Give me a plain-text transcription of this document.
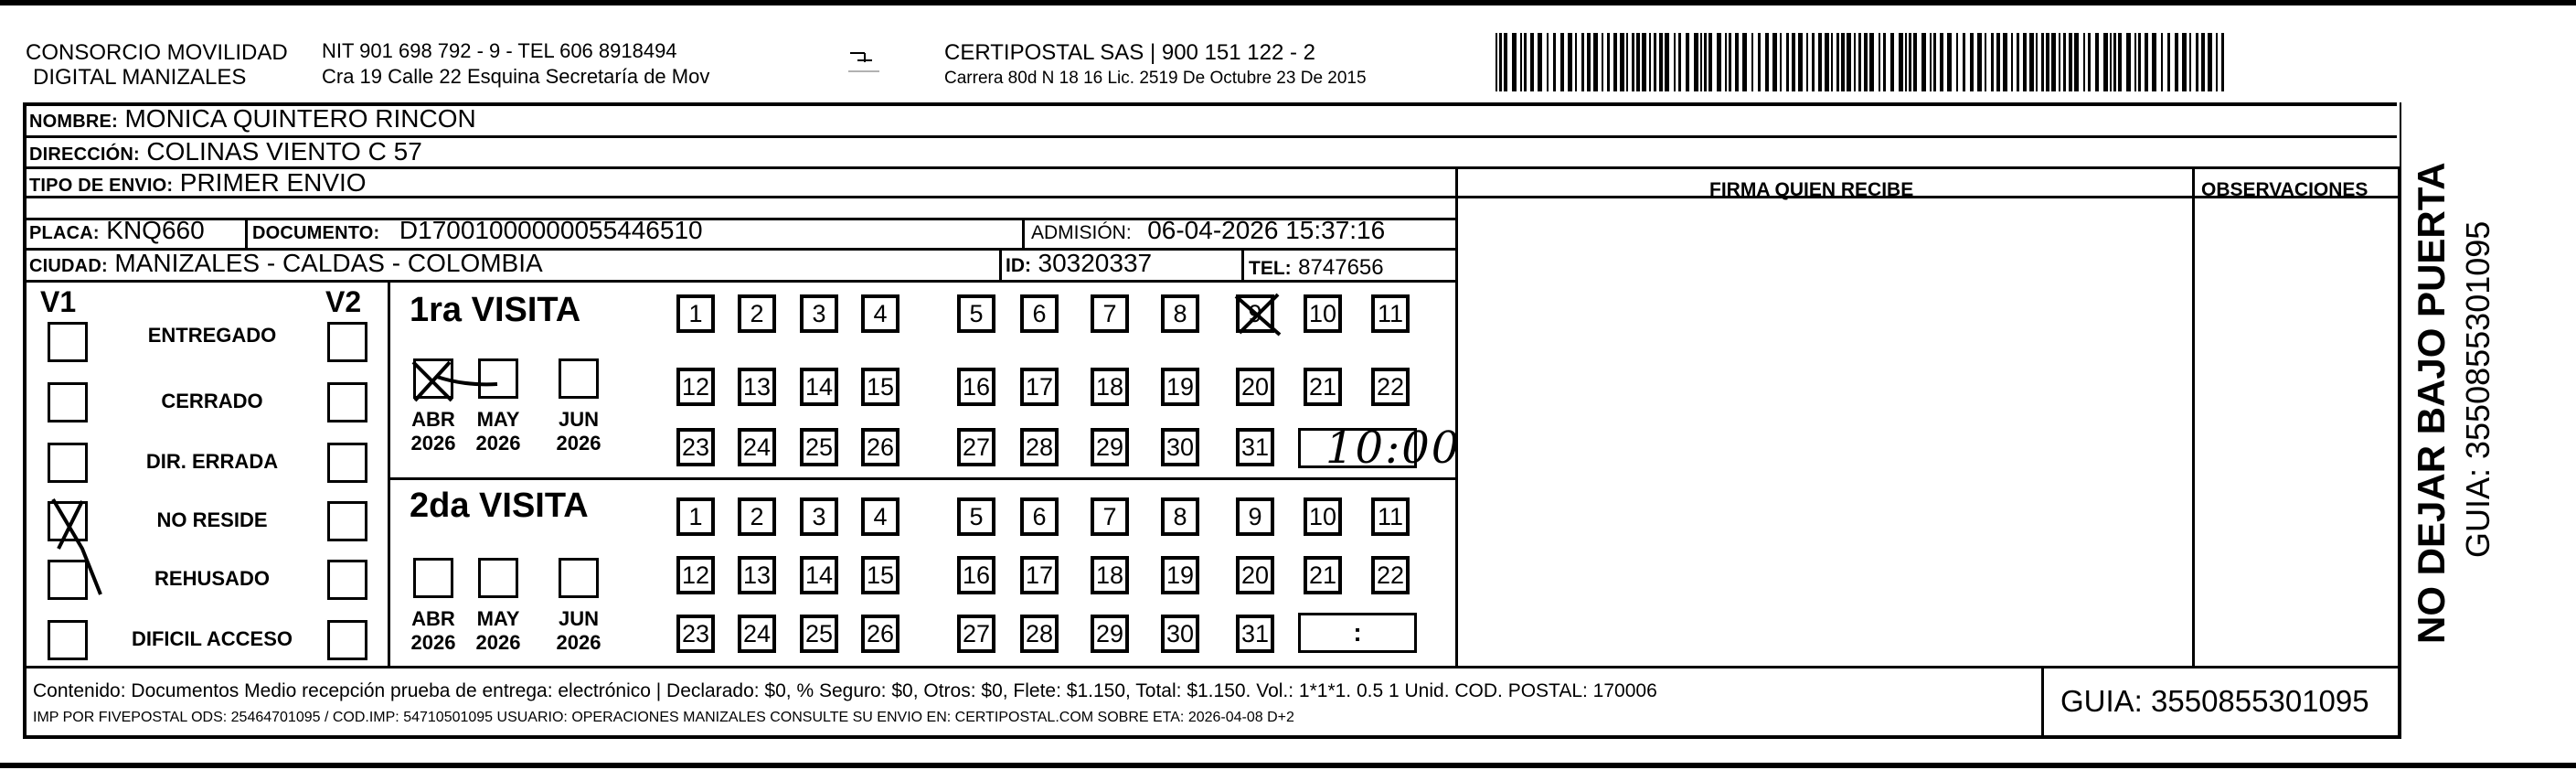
CONSORCIO MOVILIDAD
DIGITAL MANIZALES
NIT 901 698 792 - 9 - TEL 606 8918494
Cra 19 Calle 22 Esquina Secretaría de Mov
CERTIPOSTAL SAS | 900 151 122 - 2
Carrera 80d N 18 16 Lic. 2519 De Octubre 23 De 2015
NOMBRE: MONICA QUINTERO RINCON
DIRECCIÓN: COLINAS VIENTO C 57
TIPO DE ENVIO: PRIMER ENVIO	FIRMA QUIEN RECIBE	OBSERVACIONES
PLACA: KNQ660	DOCUMENTO: D17001000000055446510	ADMISIÓN: 06-04-2026 15:37:16
CIUDAD: MANIZALES - CALDAS - COLOMBIA	ID: 30320337	TEL: 8747656
V1	V2
ENTREGADO
CERRADO
DIR. ERRADA
NO RESIDE
REHUSADO
DIFICIL ACCESO
1ra VISITA
2da VISITA
ABR
2026
MAY
2026
JUN
2026
ABR
2026
MAY
2026
JUN
2026
1	2	3	4	5	6	7	8	9	10 11
12 13 14 15	16 17 18 19 20 21 22
23 24 25 26	27 28 29 30 31
1	2	3	4	5	6	7	8	9	10 11
12 13 14 15	16 17 18 19 20 21 22
23 24 25 26	27 28 29 30 31
10:00
:
Contenido: Documentos Medio recepción prueba de entrega: electrónico | Declarado: $0, % Seguro: $0, Otros: $0, Flete: $1.150, Total: $1.150. Vol.: 1*1*1. 0.5 1 Unid. COD. POSTAL: 170006
IMP POR FIVEPOSTAL ODS: 25464701095 / COD.IMP: 54710501095 USUARIO: OPERACIONES MANIZALES CONSULTE SU ENVIO EN: CERTIPOSTAL.COM SOBRE ETA: 2026-04-08 D+2	GUIA: 3550855301095
NO DEJAR BAJO PUERTA GUIA: 3550855301095
